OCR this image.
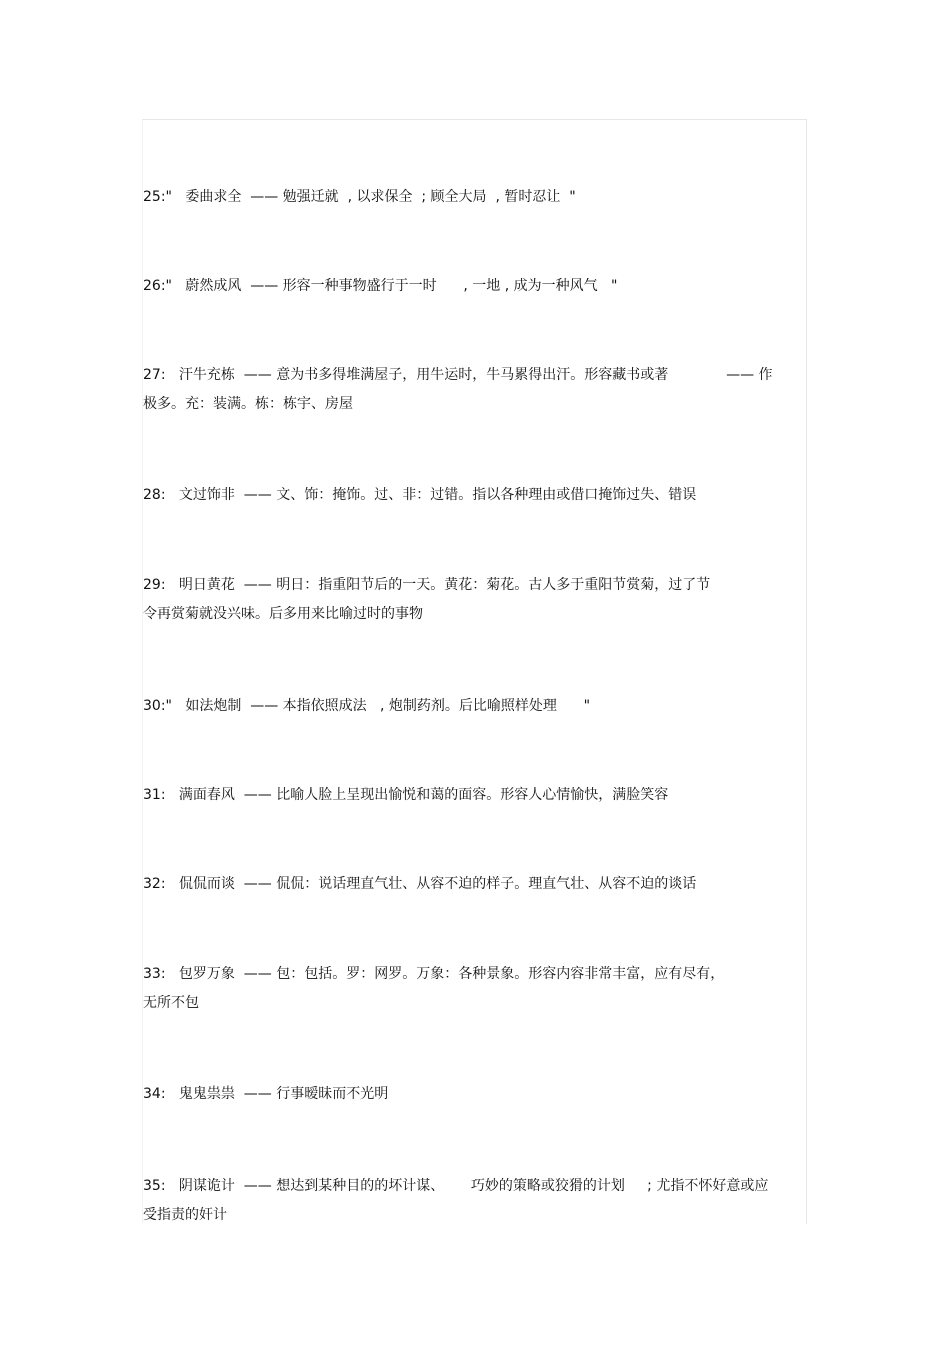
25:"   委曲求全  —— 勉强迁就  , 以求保全  ; 顾全大局  , 暂时忍让  "

26:"   蔚然成风  —— 形容一种事物盛行于一时      , 一地 , 成为一种风气   "

27:   汗牛充栋  —— 意为书多得堆满屋子，用牛运时，牛马累得出汗。形容藏书或著             —— 作
极多。充：装满。栋：栋宇、房屋

28:   文过饰非  —— 文、饰：掩饰。过、非：过错。指以各种理由或借口掩饰过失、错误

29:   明日黄花  —— 明日：指重阳节后的一天。黄花：菊花。古人多于重阳节赏菊，过了节
令再赏菊就没兴味。后多用来比喻过时的事物

30:"   如法炮制  —— 本指依照成法   , 炮制药剂。后比喻照样处理      "

31:   满面春风  —— 比喻人脸上呈现出愉悦和蔼的面容。形容人心情愉快，满脸笑容

32:   侃侃而谈  —— 侃侃：说话理直气壮、从容不迫的样子。理直气壮、从容不迫的谈话

33:   包罗万象  —— 包：包括。罗：网罗。万象：各种景象。形容内容非常丰富，应有尽有，
无所不包

34:   鬼鬼祟祟  —— 行事暧昧而不光明

35:   阴谋诡计  —— 想达到某种目的的坏计谋、      巧妙的策略或狡猾的计划     ; 尤指不怀好意或应
受指责的奸计
